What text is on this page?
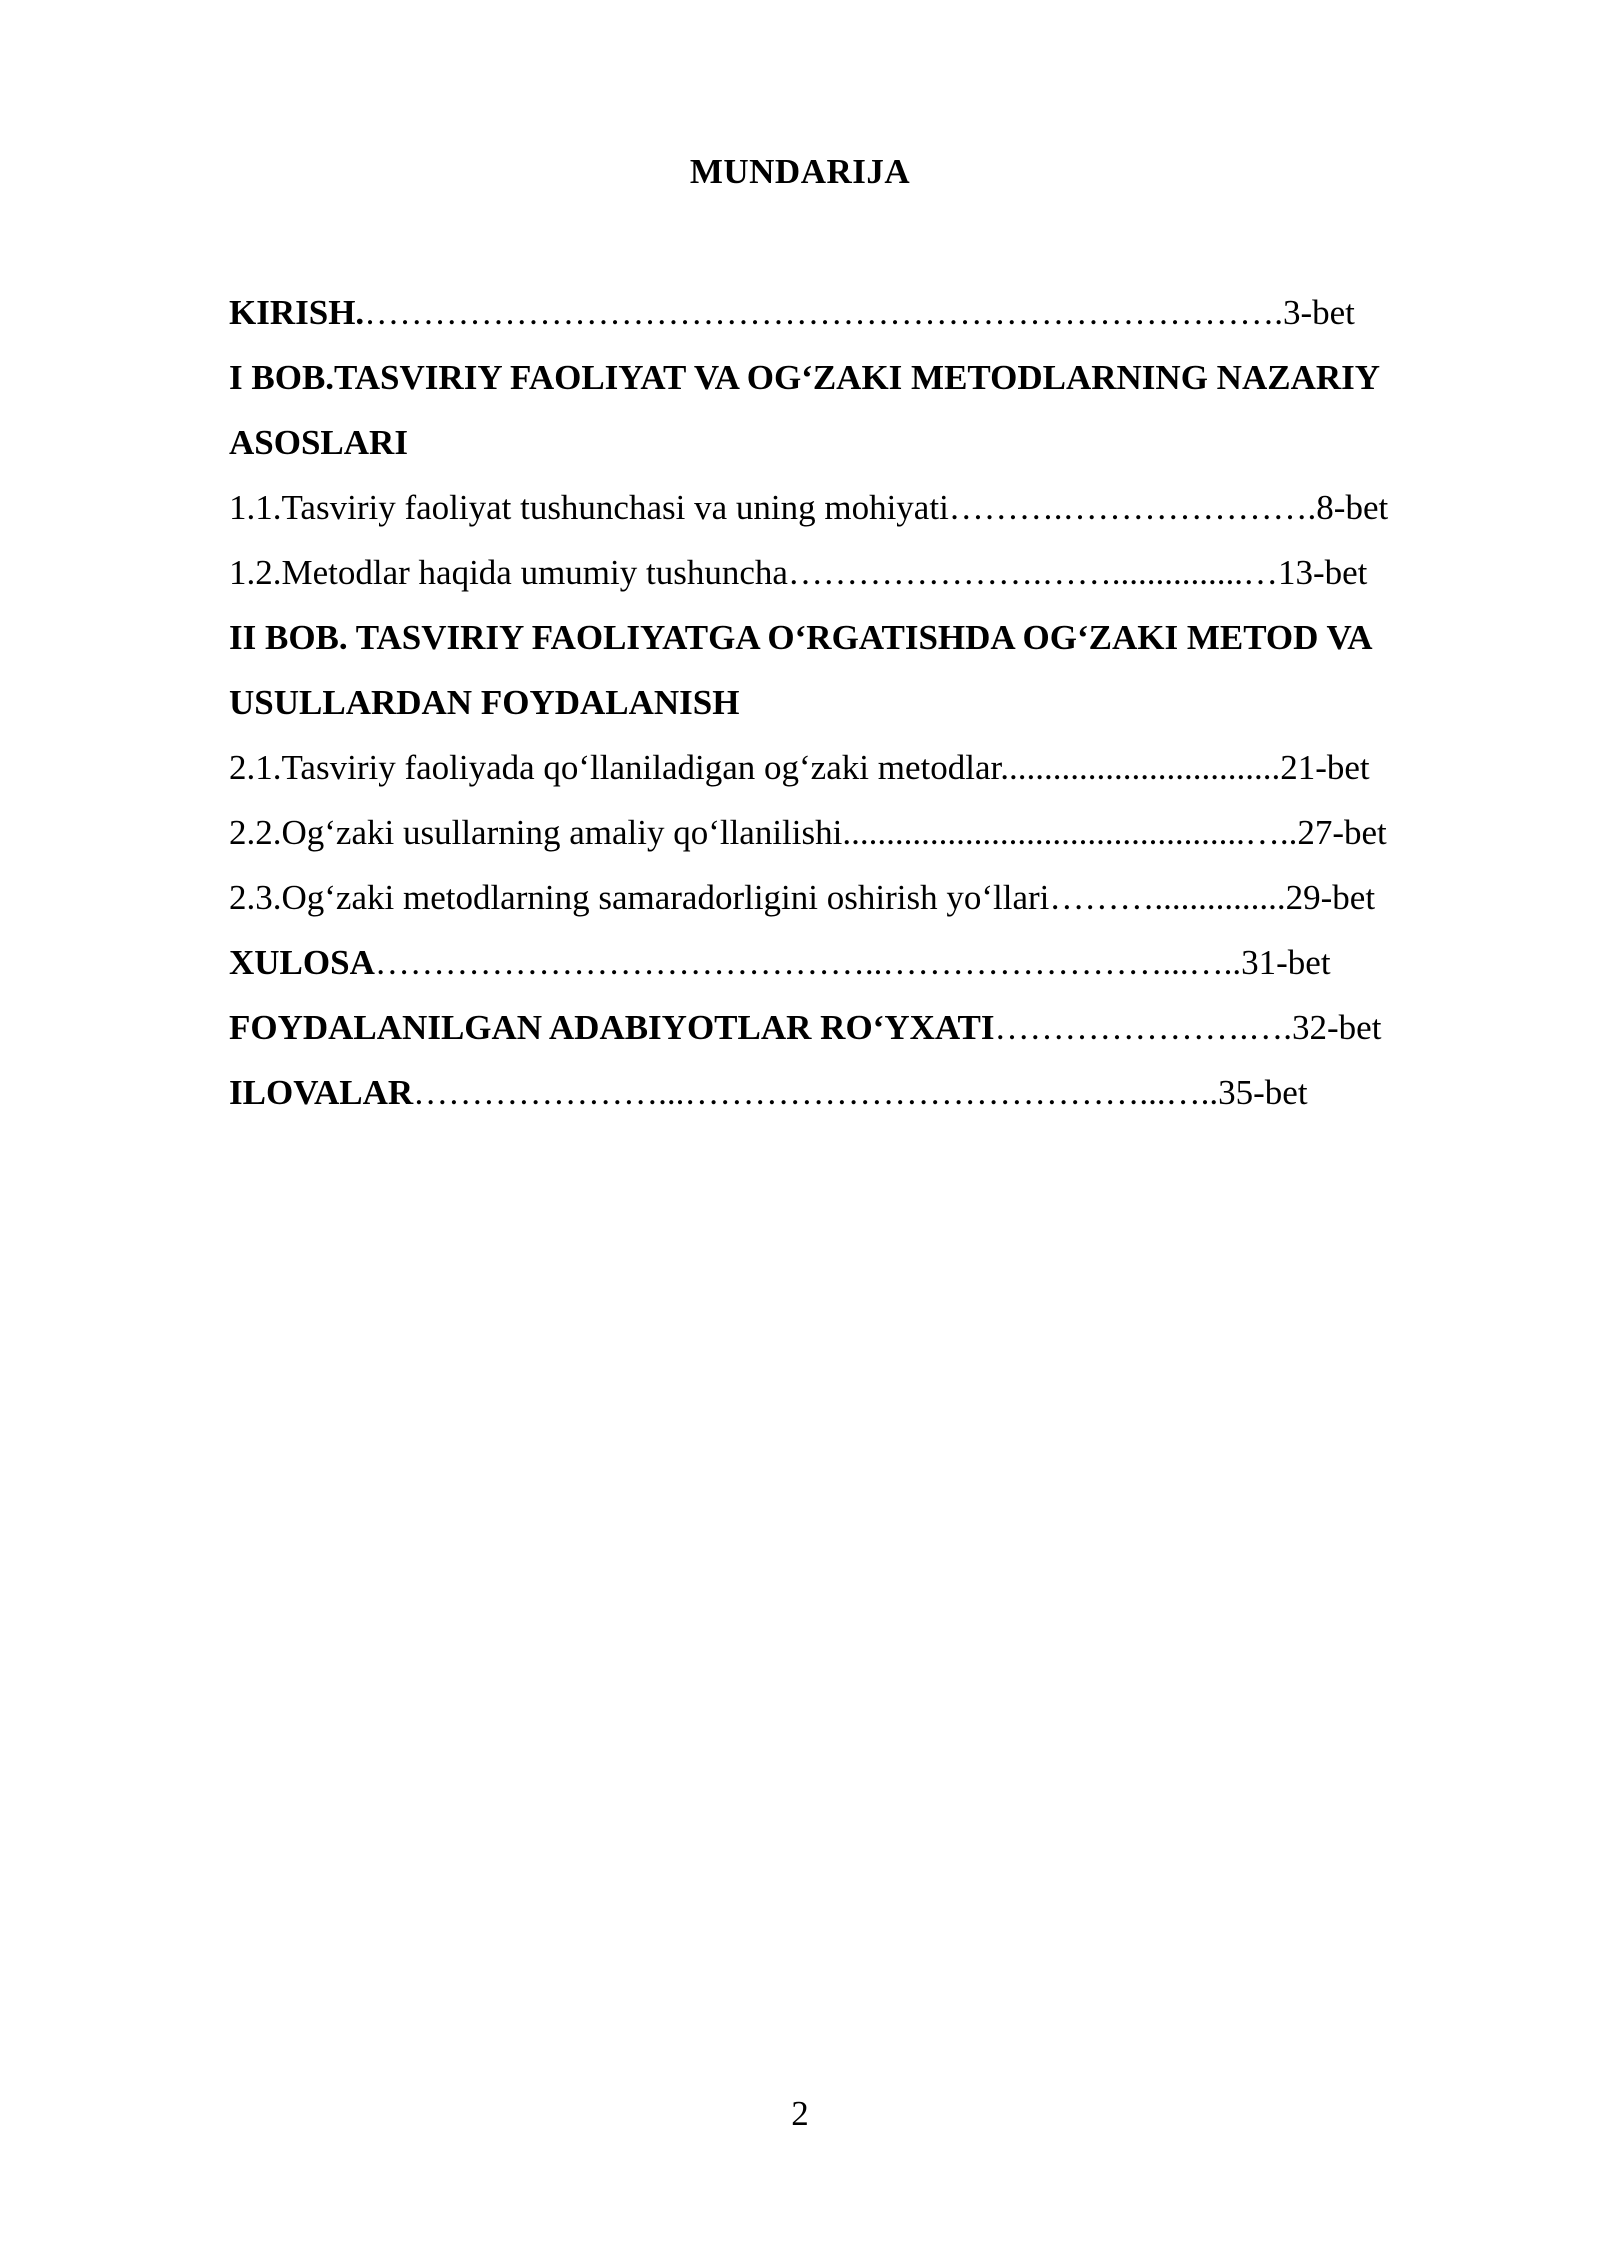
MUNDARIJA
KIRISH.…………………………………………………………………….3-bet
I BOB.TASVIRIY FAOLIYAT VA OG‘ZAKI METODLARNING NAZARIY
ASOSLARI
1.1.Tasviriy faoliyat tushunchasi va uning mohiyati……….………………….8-bet
1.2.Metodlar haqida umumiy tushuncha………………….……...............…13-bet
II BOB. TASVIRIY FAOLIYATGA O‘RGATISHDA OG‘ZAKI METOD VA
USULLARDAN FOYDALANISH
2.1.Tasviriy faoliyada qo‘llaniladigan og‘zaki metodlar................................21-bet
2.2.Og‘zaki usullarning amaliy qo‘llanilishi..............................................…..27-bet
2.3.Og‘zaki metodlarning samaradorligini oshirish yo‘llari………...............29-bet
XULOSA……………………………………..……………………...…..31-bet
FOYDALANILGAN ADABIYOTLAR RO‘YXATI………………….….32-bet
ILOVALAR…………………...…………………………………...…..35-bet
2
